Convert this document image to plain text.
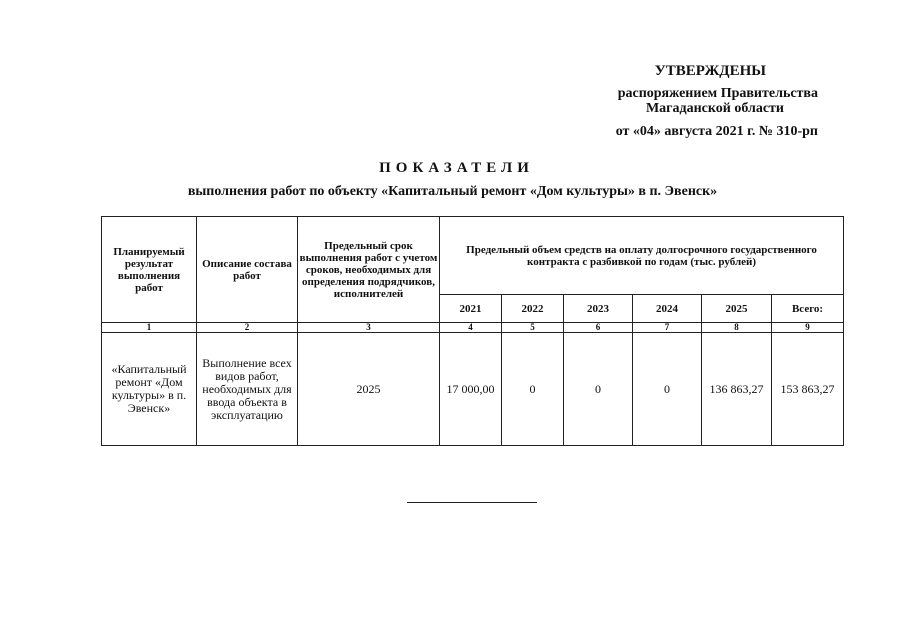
УТВЕРЖДЕНЫ
распоряжением Правительства
Магаданской области
от «04» августа 2021 г. № 310-рп
ПОКАЗАТЕЛИ
выполнения работ по объекту «Капитальный ремонт «Дом культуры» в п. Эвенск»
Планируемый результат выполнения работ	Описание состава работ	Предельный срок выполнения работ с учетом сроков, необходимых для определения подрядчиков, исполнителей	Предельный объем средств на оплату долгосрочного государственного контракта с разбивкой по годам (тыс. рублей)					
			2021	2022	2023	2024	2025	Всего:
1	2	3	4	5	6	7	8	9
«Капитальный ремонт «Дом культуры» в п. Эвенск»	Выполнение всех видов работ, необходимых для ввода объекта в эксплуатацию	2025	17 000,00	0	0	0	136 863,27	153 863,27
